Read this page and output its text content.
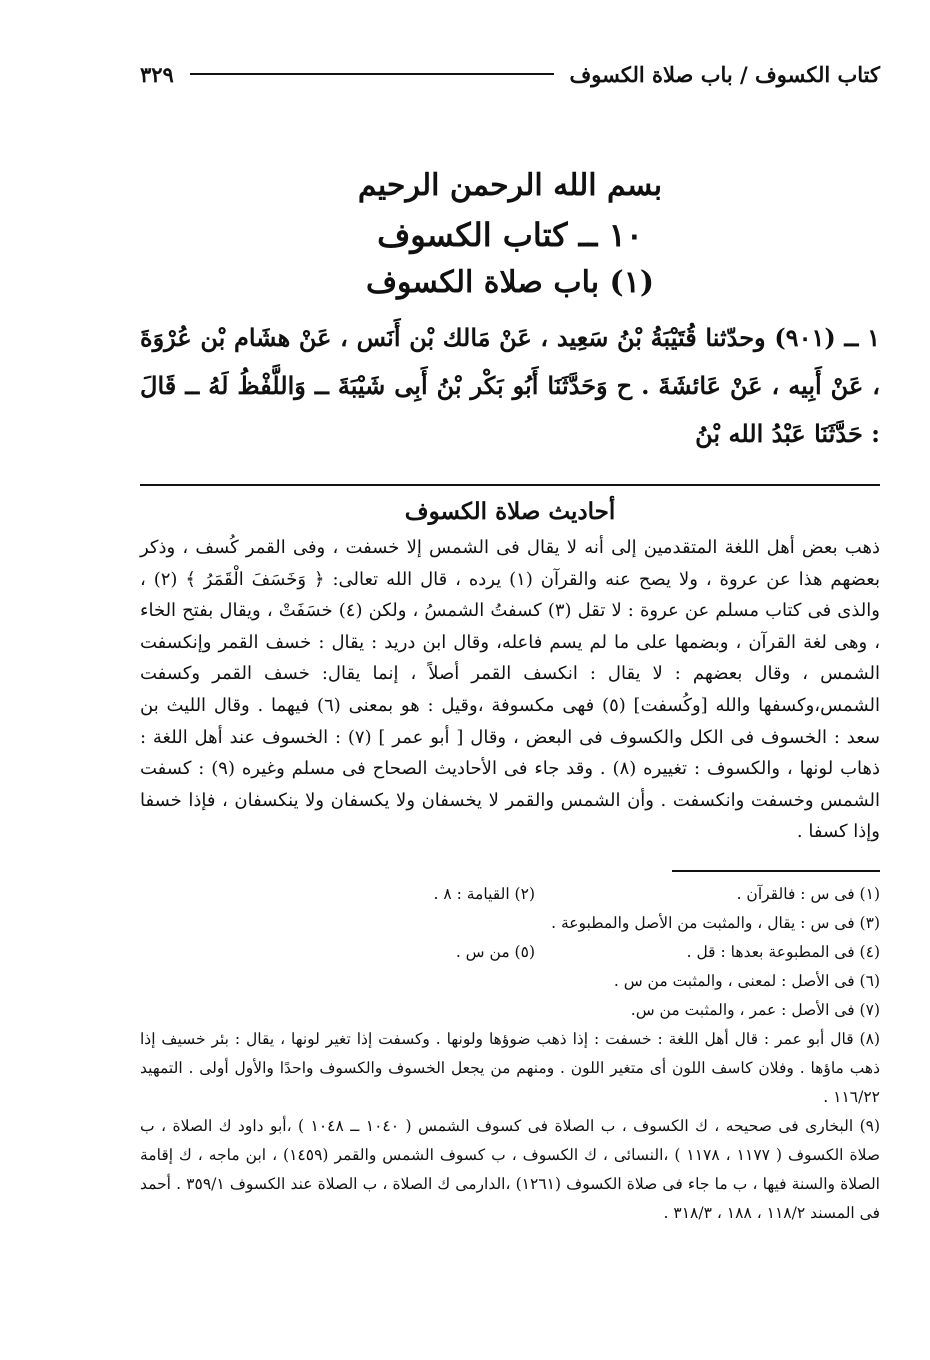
كتاب الكسوف / باب صلاة الكسوف
٣٢٩
بسم الله الرحمن الرحيم
١٠ ــ كتاب الكسوف
(١) باب صلاة الكسوف
١ ــ (٩٠١) وحدّثنا قُتَيْبَةُ بْنُ سَعِيد ، عَنْ مَالك بْن أَنَس ، عَنْ هشَام بْن عُرْوَةَ ، عَنْ أَبِيه ، عَنْ عَائشَةَ . ح وَحَدَّثَنَا أَبُو بَكْر بْنُ أَبِى شَيْبَةَ ــ وَاللَّفْظُ لَهُ ــ قَالَ : حَدَّثَنَا عَبْدُ الله بْنُ
أحاديث صلاة الكسوف

ذهب بعض أهل اللغة المتقدمين إلى أنه لا يقال فى الشمس إلا خسفت ، وفى القمر كُسف ، وذكر بعضهم هذا عن عروة ، ولا يصح عنه والقرآن (١) يرده ، قال الله تعالى: ﴿ وَخَسَفَ الْقَمَرُ ﴾ (٢) ، والذى فى كتاب مسلم عن عروة : لا تقل (٣) كسفتُ الشمسُ ، ولكن (٤) خسَفَتْ ، ويقال بفتح الخاء ، وهى لغة القرآن ، وبضمها على ما لم يسم فاعله، وقال ابن دريد : يقال : خسف القمر وإنكسفت الشمس ، وقال بعضهم : لا يقال : انكسف القمر أصلاً ، إنما يقال: خسف القمر وكسفت الشمس،وكسفها والله [وكُسفت] (٥) فهى مكسوفة ،وقيل : هو بمعنى (٦) فيهما . وقال الليث بن سعد : الخسوف فى الكل والكسوف فى البعض ، وقال [ أبو عمر ] (٧) : الخسوف عند أهل اللغة : ذهاب لونها ، والكسوف : تغييره (٨) . وقد جاء فى الأحاديث الصحاح فى مسلم وغيره (٩) : كسفت الشمس وخسفت وانكسفت . وأن الشمس والقمر لا يخسفان ولا يكسفان ولا ينكسفان ، فإذا خسفا وإذا كسفا .

(١) فى س : فالقرآن .
(٢) القيامة : ٨ .
(٣) فى س : يقال ، والمثبت من الأصل والمطبوعة .
(٤) فى المطبوعة بعدها : قل .
(٥) من س .
(٦) فى الأصل : لمعنى ، والمثبت من س .
(٧) فى الأصل : عمر ، والمثبت من س.

(٨) قال أبو عمر : قال أهل اللغة : خسفت : إذا ذهب ضوؤها ولونها . وكسفت إذا تغير لونها ، يقال : بئر خسيف إذا ذهب ماؤها . وفلان كاسف اللون أى متغير اللون . ومنهم من يجعل الخسوف والكسوف واحدًا والأول أولى . التمهيد ١١٦/٢٢ .

(٩) البخارى فى صحيحه ، ك الكسوف ، ب الصلاة فى كسوف الشمس ( ١٠٤٠ ــ ١٠٤٨ ) ،أبو داود ك الصلاة ، ب صلاة الكسوف ( ١١٧٧ ، ١١٧٨ ) ،النسائى ، ك الكسوف ، ب كسوف الشمس والقمر (١٤٥٩) ، ابن ماجه ، ك إقامة الصلاة والسنة فيها ، ب ما جاء فى صلاة الكسوف (١٢٦١) ،الدارمى ك الصلاة ، ب الصلاة عند الكسوف ٣٥٩/١ . أحمد فى المسند ١١٨/٢ ، ١٨٨ ، ٣١٨/٣ .
